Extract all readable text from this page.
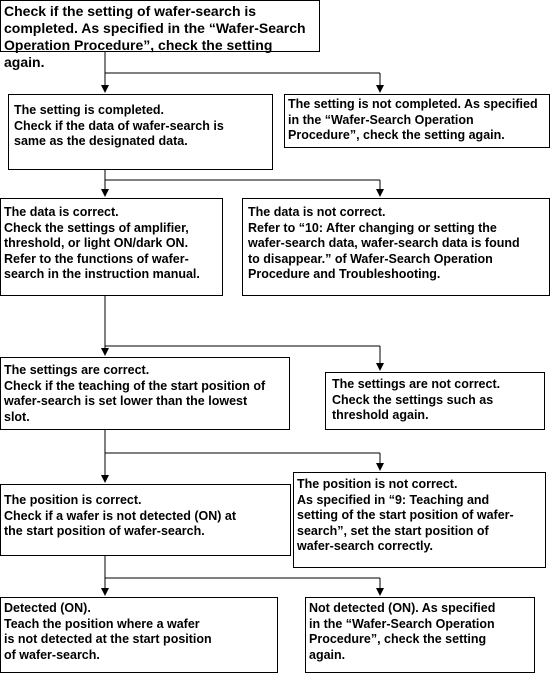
Check if the setting of wafer-search is
completed. As specified in the “Wafer-Search
Operation Procedure”, check the setting again.

The setting is completed.
Check if the data of wafer-search is
same as the designated data.

The setting is not completed. As specified
in the “Wafer-Search Operation
Procedure”, check the setting again.

The data is correct.
Check the settings of amplifier,
threshold, or light ON/dark ON.
Refer to the functions of wafer-
search in the instruction manual.

The data is not correct.
Refer to “10: After changing or setting the
wafer-search data, wafer-search data is found
to disappear.” of Wafer-Search Operation
Procedure and Troubleshooting.

The settings are correct.
Check if the teaching of the start position of
wafer-search is set lower than the lowest
slot.

The settings are not correct.
Check the settings such as
threshold again.

The position is correct.
Check if a wafer is not detected (ON) at
the start position of wafer-search.

The position is not correct.
As specified in “9: Teaching and
setting of the start position of wafer-
search”, set the start position of
wafer-search correctly.

Detected (ON).
Teach the position where a wafer
is not detected at the start position
of wafer-search.

Not detected (ON). As specified
in the “Wafer-Search Operation
Procedure”, check the setting
again.
